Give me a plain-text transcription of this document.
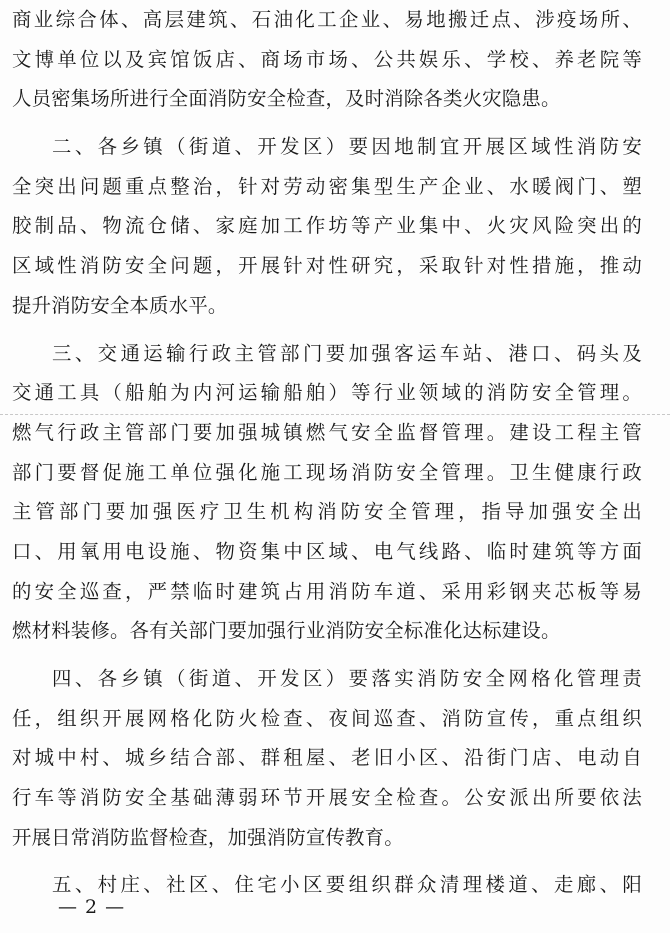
商业综合体、高层建筑、石油化工企业、易地搬迁点、涉疫场所、
文博单位以及宾馆饭店、商场市场、公共娱乐、学校、养老院等
人员密集场所进行全面消防安全检查，及时消除各类火灾隐患。
二、各乡镇（街道、开发区）要因地制宜开展区域性消防安
全突出问题重点整治，针对劳动密集型生产企业、水暖阀门、塑
胶制品、物流仓储、家庭加工作坊等产业集中、火灾风险突出的
区域性消防安全问题，开展针对性研究，采取针对性措施，推动
提升消防安全本质水平。
三、交通运输行政主管部门要加强客运车站、港口、码头及
交通工具（船舶为内河运输船舶）等行业领域的消防安全管理。
燃气行政主管部门要加强城镇燃气安全监督管理。建设工程主管
部门要督促施工单位强化施工现场消防安全管理。卫生健康行政
主管部门要加强医疗卫生机构消防安全管理，指导加强安全出
口、用氧用电设施、物资集中区域、电气线路、临时建筑等方面
的安全巡查，严禁临时建筑占用消防车道、采用彩钢夹芯板等易
燃材料装修。各有关部门要加强行业消防安全标准化达标建设。
四、各乡镇（街道、开发区）要落实消防安全网格化管理责
任，组织开展网格化防火检查、夜间巡查、消防宣传，重点组织
对城中村、城乡结合部、群租屋、老旧小区、沿街门店、电动自
行车等消防安全基础薄弱环节开展安全检查。公安派出所要依法
开展日常消防监督检查，加强消防宣传教育。
五、村庄、社区、住宅小区要组织群众清理楼道、走廊、阳
— 2 —
